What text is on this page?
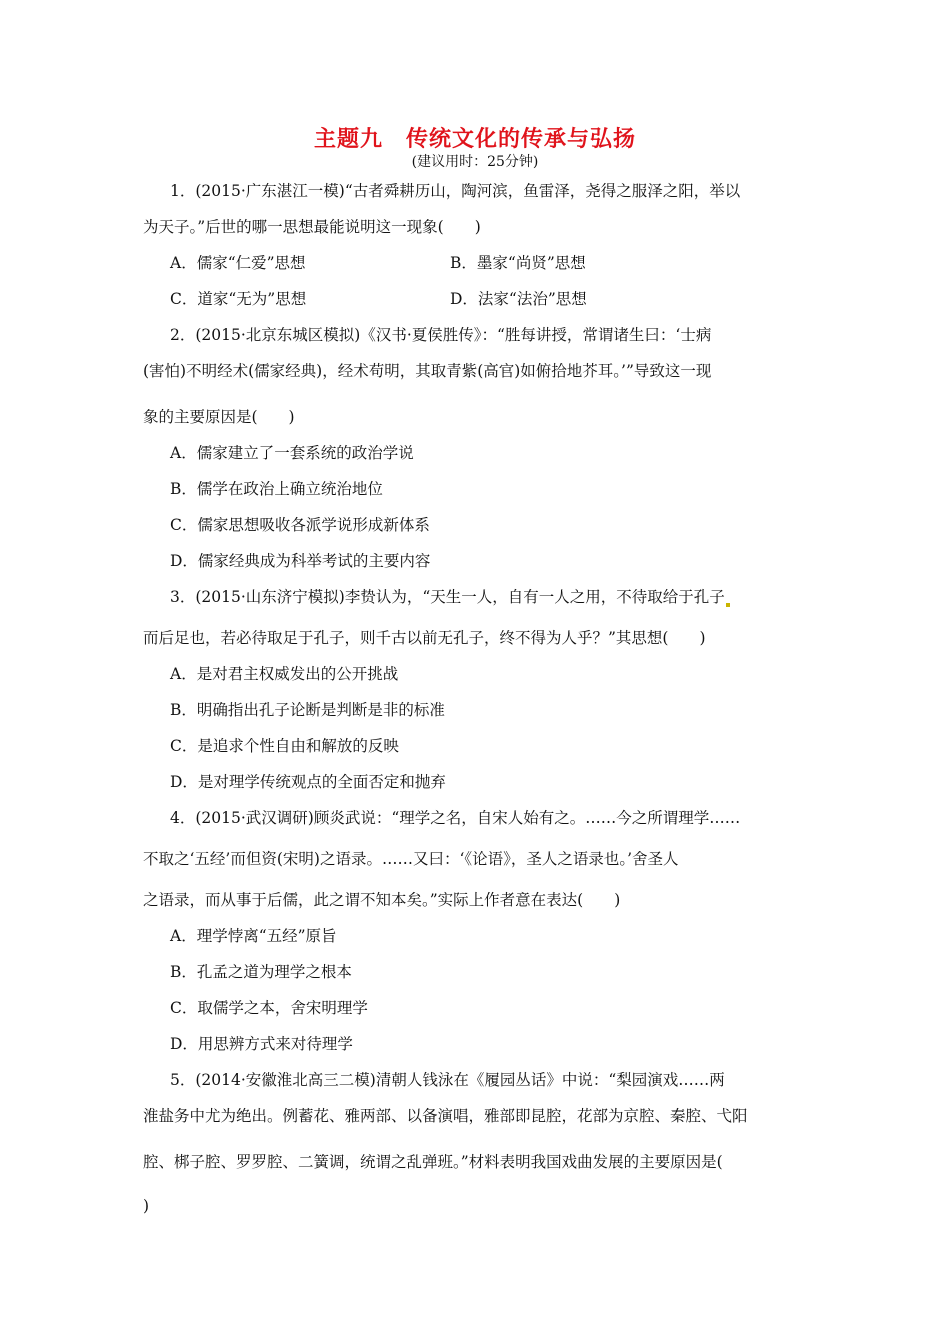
主题九　传统文化的传承与弘扬
(建议用时：25分钟)
1．(2015·广东湛江一模)“古者舜耕历山，陶河滨，鱼雷泽，尧得之服泽之阳，举以
为天子。”后世的哪一思想最能说明这一现象(　　)
A．儒家“仁爱”思想	B．墨家“尚贤”思想
C．道家“无为”思想	D．法家“法治”思想
2．(2015·北京东城区模拟)《汉书·夏侯胜传》：“胜每讲授，常谓诸生曰：‘士病
(害怕)不明经术(儒家经典)，经术苟明，其取青紫(高官)如俯拾地芥耳。’”导致这一现
象的主要原因是(　　)
A．儒家建立了一套系统的政治学说
B．儒学在政治上确立统治地位
C．儒家思想吸收各派学说形成新体系
D．儒家经典成为科举考试的主要内容
3．(2015·山东济宁模拟)李贽认为，“天生一人，自有一人之用，不待取给于孔子
而后足也，若必待取足于孔子，则千古以前无孔子，终不得为人乎？”其思想(　　)
A．是对君主权威发出的公开挑战
B．明确指出孔子论断是判断是非的标准
C．是追求个性自由和解放的反映
D．是对理学传统观点的全面否定和抛弃
4．(2015·武汉调研)顾炎武说：“理学之名，自宋人始有之。……今之所谓理学……
不取之‘五经’而但资(宋明)之语录。……又曰：‘《论语》，圣人之语录也。’舍圣人
之语录，而从事于后儒，此之谓不知本矣。”实际上作者意在表达(　　)
A．理学悖离“五经”原旨
B．孔孟之道为理学之根本
C．取儒学之本，舍宋明理学
D．用思辨方式来对待理学
5．(2014·安徽淮北高三二模)清朝人钱泳在《履园丛话》中说：“梨园演戏……两
淮盐务中尤为绝出。例蓄花、雅两部、以备演唱，雅部即昆腔，花部为京腔、秦腔、弋阳
腔、梆子腔、罗罗腔、二簧调，统谓之乱弹班。”材料表明我国戏曲发展的主要原因是(
)
